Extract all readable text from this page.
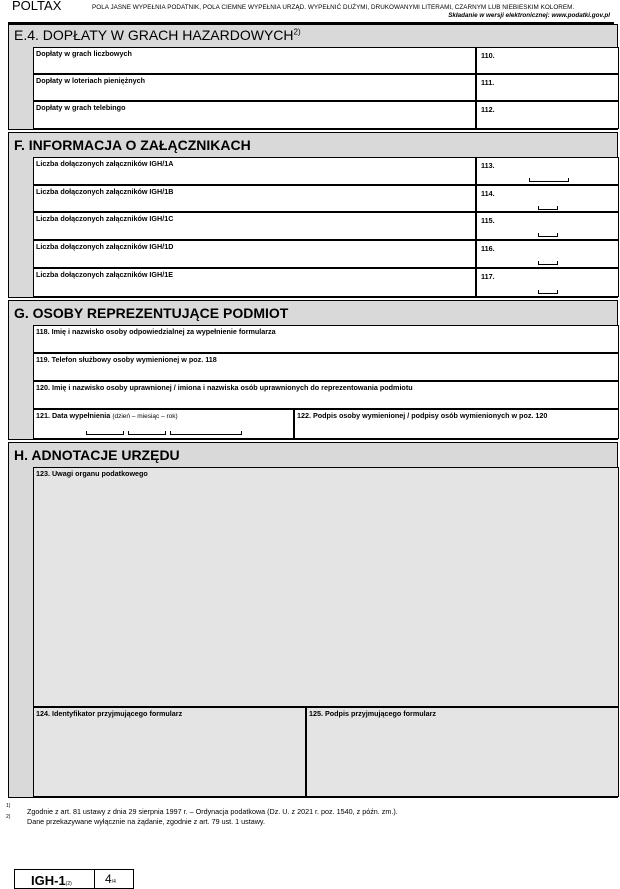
POLTAX	POLA JASNE WYPEŁNIA PODATNIK, POLA CIEMNE WYPEŁNIA URZĄD. WYPEŁNIĆ DUŻYMI, DRUKOWANYMI LITERAMI, CZARNYM LUB NIEBIESKIM KOLOREM.
Składanie w wersji elektronicznej: www.podatki.gov.pl
E.4. DOPŁATY W GRACH HAZARDOWYCH$^{2)}$
Dopłaty w grach liczbowych	110.
Dopłaty w loteriach pieniężnych	111.
Dopłaty w grach telebingo	112.
F. INFORMACJA O ZAŁĄCZNIKACH
Liczba dołączonych załączników IGH/1A	113.
Liczba dołączonych załączników IGH/1B	114.
Liczba dołączonych załączników IGH/1C	115.
Liczba dołączonych załączników IGH/1D	116.
Liczba dołączonych załączników IGH/1E	117.
G. OSOBY REPREZENTUJĄCE PODMIOT
118. Imię i nazwisko osoby odpowiedzialnej za wypełnienie formularza
119. Telefon służbowy osoby wymienionej w poz. 118
120. Imię i nazwisko osoby uprawnionej / imiona i nazwiska osób uprawnionych do reprezentowania podmiotu
121. Data wypełnienia (dzień – miesiąc – rok)	122. Podpis osoby wymienionej / podpisy osób wymienionych w poz. 120
H. ADNOTACJE URZĘDU
123. Uwagi organu podatkowego
124. Identyfikator przyjmującego formularz	125. Podpis przyjmującego formularz
1)
Zgodnie z art. 81 ustawy z dnia 29 sierpnia 1997 r. – Ordynacja podatkowa (Dz. U. z 2021 r. poz. 1540, z późn. zm.).
2) Dane przekazywane wyłącznie na żądanie, zgodnie z art. 79 ust. 1 ustawy.
IGH-1(2)	4/4
